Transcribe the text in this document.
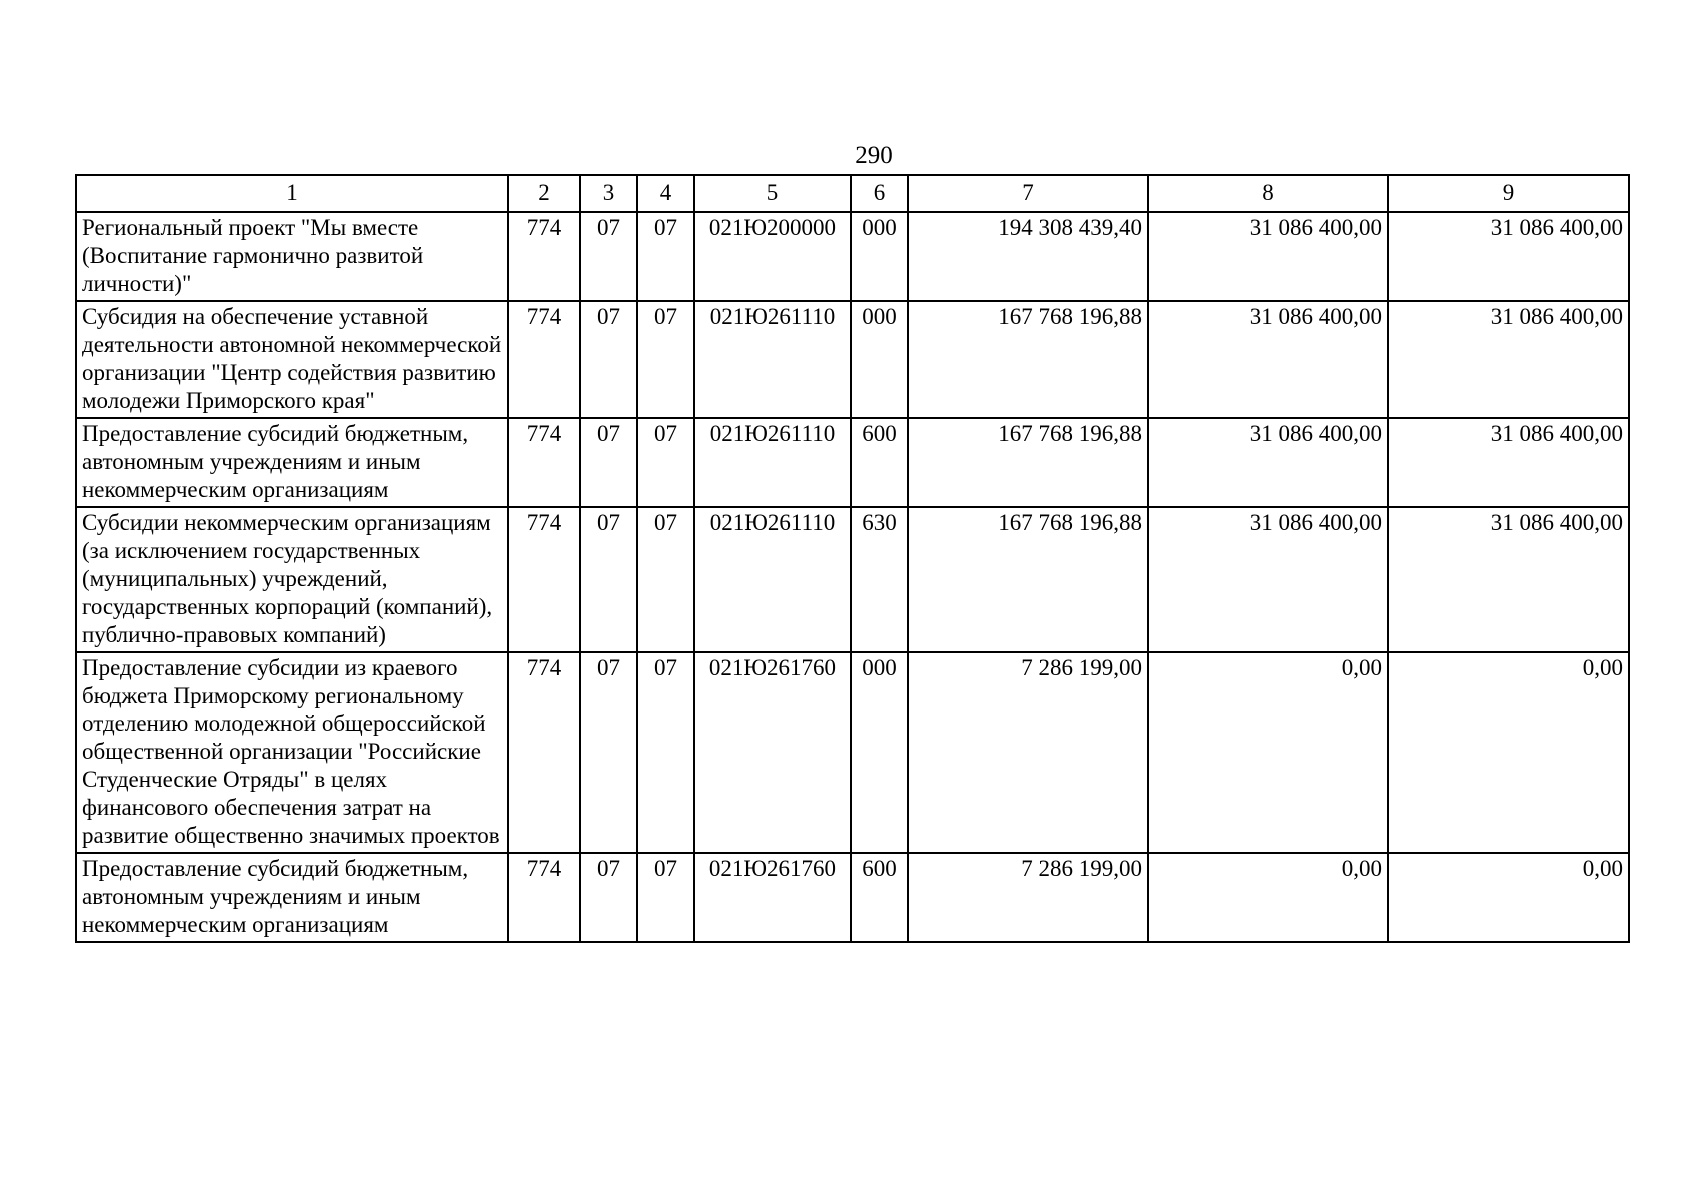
290
1	2	3	4	5	6	7	8	9
Региональный проект "Мы вместе (Воспитание гармонично развитой личности)"	774	07	07	021Ю200000	000	194 308 439,40	31 086 400,00	31 086 400,00
Субсидия на обеспечение уставной деятельности автономной некоммерческой организации "Центр содействия развитию молодежи Приморского края"	774	07	07	021Ю261110	000	167 768 196,88	31 086 400,00	31 086 400,00
Предоставление субсидий бюджетным, автономным учреждениям и иным некоммерческим организациям	774	07	07	021Ю261110	600	167 768 196,88	31 086 400,00	31 086 400,00
Субсидии некоммерческим организациям (за исключением государственных (муниципальных) учреждений, государственных корпораций (компаний), публично-правовых компаний)	774	07	07	021Ю261110	630	167 768 196,88	31 086 400,00	31 086 400,00
Предоставление субсидии из краевого бюджета Приморскому региональному отделению молодежной общероссийской общественной организации "Российские Студенческие Отряды" в целях финансового обеспечения затрат на развитие общественно значимых проектов	774	07	07	021Ю261760	000	7 286 199,00	0,00	0,00
Предоставление субсидий бюджетным, автономным учреждениям и иным некоммерческим организациям	774	07	07	021Ю261760	600	7 286 199,00	0,00	0,00
